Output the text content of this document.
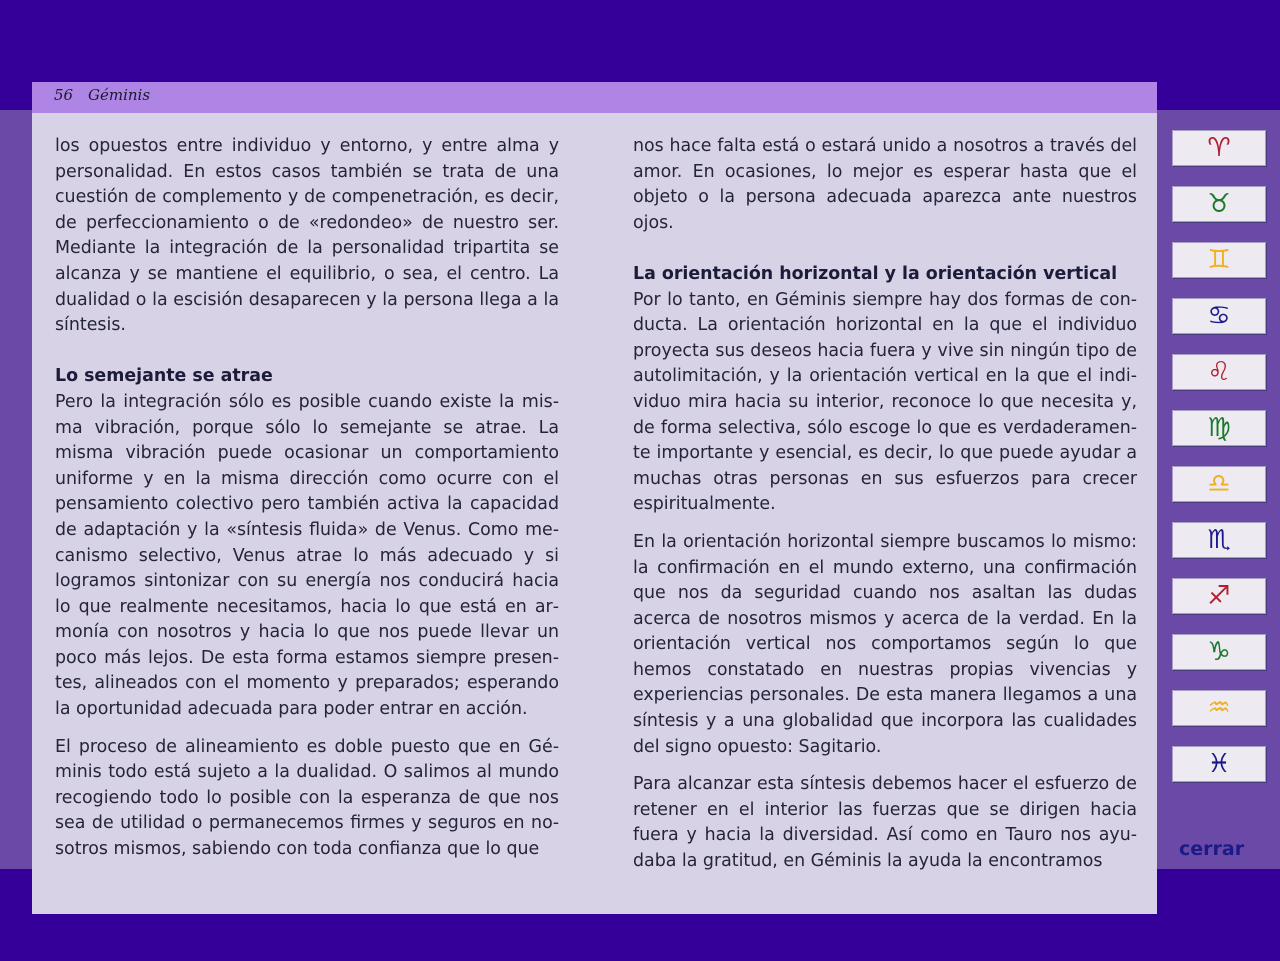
56 Géminis

los opuestos entre individuo y entorno, y entre alma y personalidad. En estos casos también se trata de una cuestión de complemento y de compenetración, es decir, de perfeccionamiento o de «redondeo» de nuestro ser. Mediante la integración de la personalidad tripartita se alcanza y se mantiene el equilibrio, o sea, el centro. La dualidad o la escisión desaparecen y la persona llega a la síntesis.

Lo semejante se atrae

Pero la integración sólo es posible cuando existe la misma vibración, porque sólo lo semejante se atrae. La misma vibración puede ocasionar un comportamiento uniforme y en la misma dirección como ocurre con el pensamiento colectivo pero también activa la capacidad de adaptación y la «síntesis fluida» de Venus. Como mecanismo selectivo, Venus atrae lo más adecuado y si logramos sintonizar con su energía nos conducirá hacia lo que realmente necesitamos, hacia lo que está en armonía con nosotros y hacia lo que nos puede llevar un poco más lejos. De esta forma estamos siempre presentes, alineados con el momento y preparados; esperando la oportunidad adecuada para poder entrar en acción.

El proceso de alineamiento es doble puesto que en Géminis todo está sujeto a la dualidad. O salimos al mundo recogiendo todo lo posible con la esperanza de que nos sea de utilidad o permanecemos firmes y seguros en nosotros mismos, sabiendo con toda confianza que lo que

nos hace falta está o estará unido a nosotros a través del amor. En ocasiones, lo mejor es esperar hasta que el objeto o la persona adecuada aparezca ante nuestros ojos.

La orientación horizontal y la orientación vertical

Por lo tanto, en Géminis siempre hay dos formas de conducta. La orientación horizontal en la que el individuo proyecta sus deseos hacia fuera y vive sin ningún tipo de autolimitación, y la orientación vertical en la que el individuo mira hacia su interior, reconoce lo que necesita y, de forma selectiva, sólo escoge lo que es verdaderamente importante y esencial, es decir, lo que puede ayudar a muchas otras personas en sus esfuerzos para crecer espiritualmente.

En la orientación horizontal siempre buscamos lo mismo: la confirmación en el mundo externo, una confirmación que nos da seguridad cuando nos asaltan las dudas acerca de nosotros mismos y acerca de la verdad. En la orientación vertical nos comportamos según lo que hemos constatado en nuestras propias vivencias y experiencias personales. De esta manera llegamos a una síntesis y a una globalidad que incorpora las cualidades del signo opuesto: Sagitario.

Para alcanzar esta síntesis debemos hacer el esfuerzo de retener en el interior las fuerzas que se dirigen hacia fuera y hacia la diversidad. Así como en Tauro nos ayudaba la gratitud, en Géminis la ayuda la encontramos

♈
♉
♊
♋
♌
♍
♎
♏
♐
♑
♒
♓
cerrar
